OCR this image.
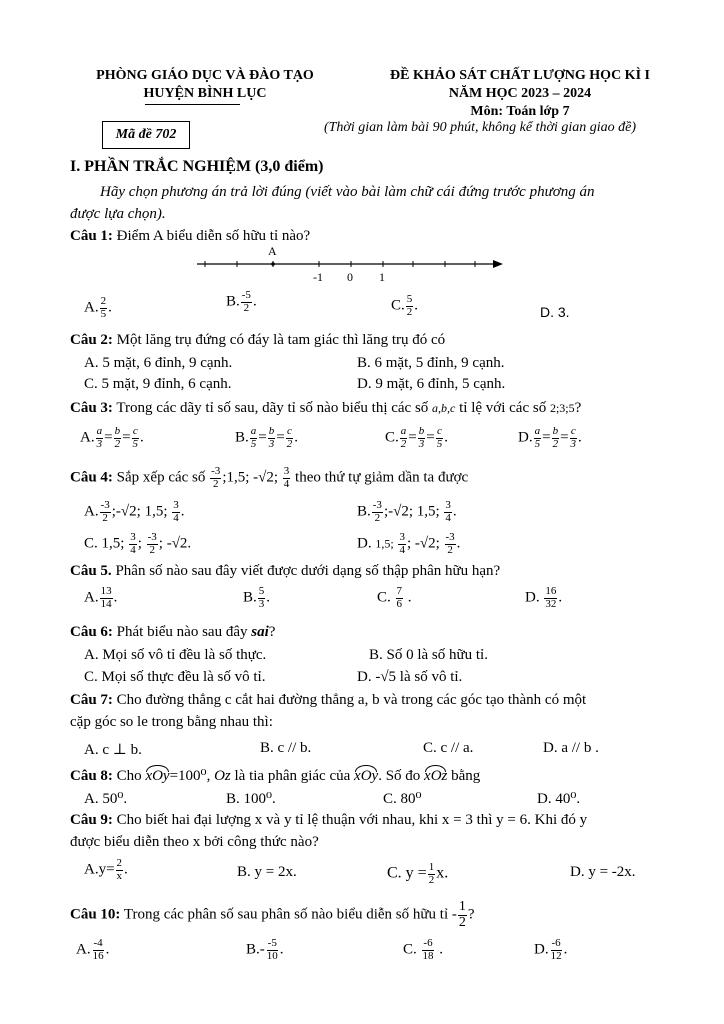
PHÒNG GIÁO DỤC VÀ ĐÀO TẠO
HUYỆN BÌNH LỤC
ĐỀ KHẢO SÁT CHẤT LƯỢNG HỌC KÌ I
NĂM HỌC 2023 – 2024
Môn: Toán lớp 7
(Thời gian làm bài 90 phút, không kể thời gian giao đề)
Mã đề 702
I. PHẦN TRẮC NGHIỆM (3,0 điểm)
Hãy chọn phương án trả lời đúng (viết vào bài làm chữ cái đứng trước phương án
được lựa chọn).
Câu 1: Điểm A biểu diễn số hữu tỉ nào?
A
-1 0 1
A. $\frac{2}{5}$ .	B. $\frac{-5}{2}$ .	C. $\frac{5}{2}$ .	D. 3.
Câu 2: Một lăng trụ đứng có đáy là tam giác thì lăng trụ đó có
A. 5 mặt, 6 đỉnh, 9 cạnh.	B. 6 mặt, 5 đỉnh, 9 cạnh.
C. 5 mặt, 9 đỉnh, 6 cạnh.	D. 9 mặt, 6 đỉnh, 5 cạnh.
Câu 3: Trong các dãy tỉ số sau, dãy tỉ số nào biểu thị các số a,b,c tỉ lệ với các số 2;3;5?
A. $\frac{a}{3} = \frac{b}{2} = \frac{c}{5}$ .	B. $\frac{a}{5} = \frac{b}{3} = \frac{c}{2}$ .	C. $\frac{a}{2} = \frac{b}{3} = \frac{c}{5}$ .	D. $\frac{a}{5} = \frac{b}{2} = \frac{c}{3}$ .
Câu 4: Sắp xếp các số $\frac{-3}{2}$ ;1,5; -√2; $\frac{3}{4}$ theo thứ tự giảm dần ta được
A. $\frac{-3}{2}$ ;-√2; 1,5; $\frac{3}{4}$ .	B. $\frac{-3}{2}$ ;-√2; 1,5; $\frac{3}{4}$ .
C. 1,5; $\frac{3}{4}$ ; $\frac{-3}{2}$ ; -√2.	D. 1,5; $\frac{3}{4}$ ; -√2; $\frac{-3}{2}$ .
Câu 5. Phân số nào sau đây viết được dưới dạng số thập phân hữu hạn?
A. $\frac{13}{14}$ .	B. $\frac{5}{3}$ .	C. $\frac{7}{6}$ .	D. $\frac{16}{32}$ .
Câu 6: Phát biểu nào sau đây sai?
A. Mọi số vô tỉ đều là số thực.	B. Số 0 là số hữu tỉ.
C. Mọi số thực đều là số vô tỉ.	D. -√5 là số vô tỉ.
Câu 7: Cho đường thẳng c cắt hai đường thẳng a, b và trong các góc tạo thành có một
cặp góc so le trong bằng nhau thì:
A. c ⊥ b.	B. c // b.	C. c // a.	D. a // b .
Câu 8: Cho xOy=100⁰, Oz là tia phân giác của xOy. Số đo xOz bằng
A. 50⁰.	B. 100⁰.	C. 80⁰	D. 40⁰.
Câu 9: Cho biết hai đại lượng x và y tỉ lệ thuận với nhau, khi x = 3 thì y = 6. Khi đó y
được biểu diễn theo x bởi công thức nào?
$A.y= \frac{2}{x}$ .	B. y = 2x.	C. $y = \frac{1}{2} x$.	D. y = -2x.
Câu 10: Trong các phân số sau phân số nào biểu diễn số hữu tỉ - $\frac{1}{2}$ ?
A. $\frac{-4}{16}$ .	$B.- \frac{-5}{10}$ .	C. $\frac{-6}{18}$ .	D. $\frac{-6}{12}$ .
